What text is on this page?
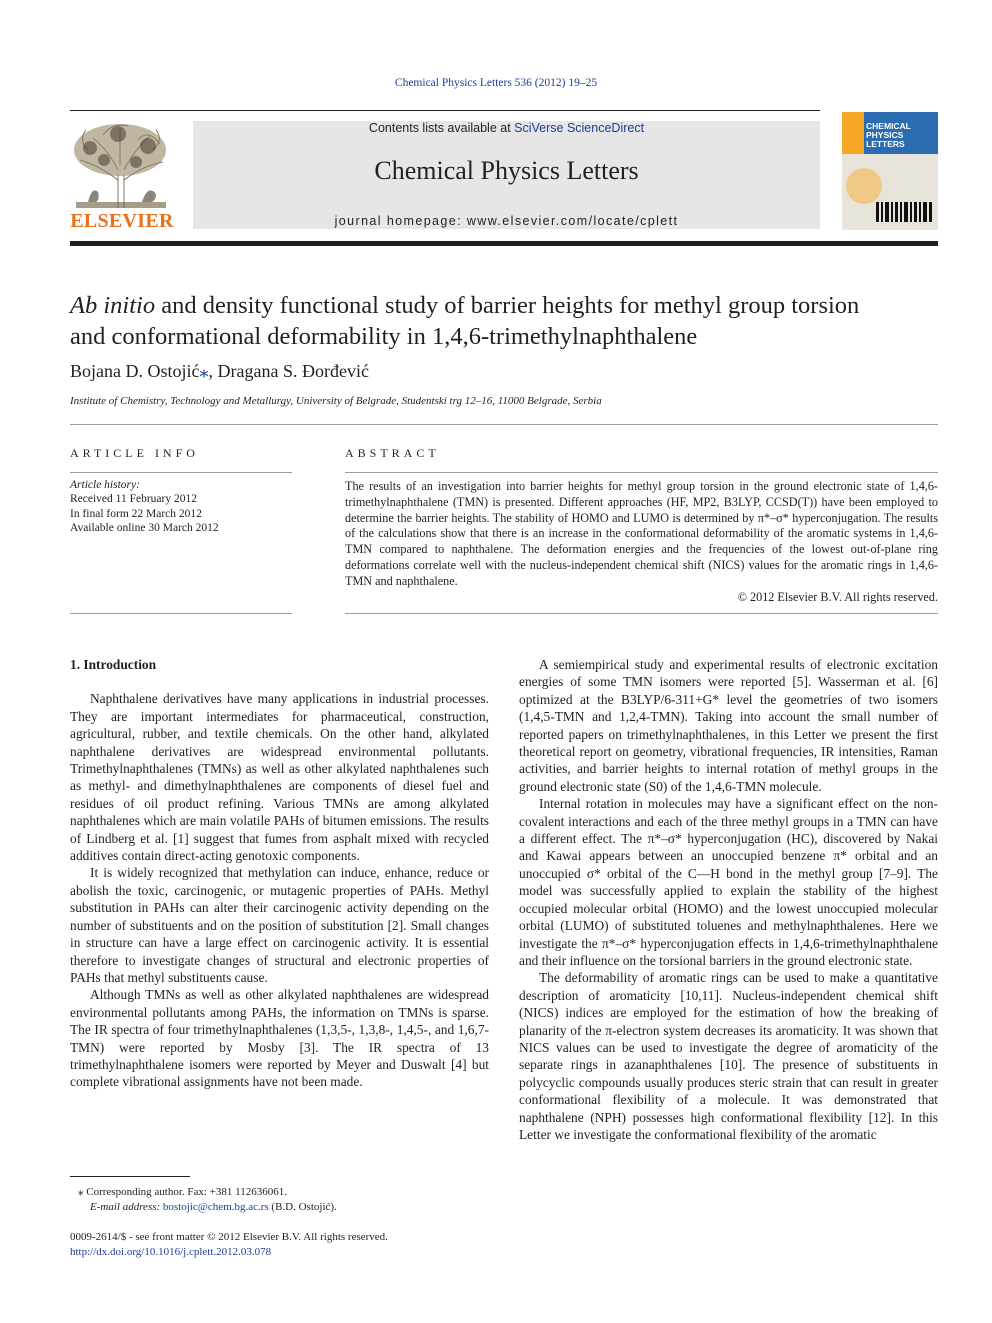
Chemical Physics Letters 536 (2012) 19–25
ELSEVIER
Contents lists available at SciVerse ScienceDirect
Chemical Physics Letters
journal homepage: www.elsevier.com/locate/cplett
CHEMICAL
PHYSICS
LETTERS
Ab initio and density functional study of barrier heights for methyl group torsion
and conformational deformability in 1,4,6-trimethylnaphthalene
Bojana D. Ostojić⁎, Dragana S. Đorđević
Institute of Chemistry, Technology and Metallurgy, University of Belgrade, Studentski trg 12–16, 11000 Belgrade, Serbia
ARTICLE INFO
Article history:
Received 11 February 2012
In final form 22 March 2012
Available online 30 March 2012
ABSTRACT
The results of an investigation into barrier heights for methyl group torsion in the ground electronic state of 1,4,6-trimethylnaphthalene (TMN) is presented. Different approaches (HF, MP2, B3LYP, CCSD(T)) have been employed to determine the barrier heights. The stability of HOMO and LUMO is determined by π*–σ* hyperconjugation. The results of the calculations show that there is an increase in the conformational deformability of the aromatic systems in 1,4,6-TMN compared to naphthalene. The deformation energies and the frequencies of the lowest out-of-plane ring deformations correlate well with the nucleus-independent chemical shift (NICS) values for the aromatic rings in 1,4,6-TMN and naphthalene.
© 2012 Elsevier B.V. All rights reserved.
1. Introduction

Naphthalene derivatives have many applications in industrial processes. They are important intermediates for pharmaceutical, construction, agricultural, rubber, and textile chemicals. On the other hand, alkylated naphthalene derivatives are widespread environmental pollutants. Trimethylnaphthalenes (TMNs) as well as other alkylated naphthalenes such as methyl- and dimethylnaphthalenes are components of diesel fuel and residues of oil product refining. Various TMNs are among alkylated naphthalenes which are main volatile PAHs of bitumen emissions. The results of Lindberg et al. [1] suggest that fumes from asphalt mixed with recycled additives contain direct-acting genotoxic components.

It is widely recognized that methylation can induce, enhance, reduce or abolish the toxic, carcinogenic, or mutagenic properties of PAHs. Methyl substitution in PAHs can alter their carcinogenic activity depending on the number of substituents and on the position of substitution [2]. Small changes in structure can have a large effect on carcinogenic activity. It is essential therefore to investigate changes of structural and electronic properties of PAHs that methyl substituents cause.

Although TMNs as well as other alkylated naphthalenes are widespread environmental pollutants among PAHs, the information on TMNs is sparse. The IR spectra of four trimethylnaphthalenes (1,3,5-, 1,3,8-, 1,4,5-, and 1,6,7-TMN) were reported by Mosby [3]. The IR spectra of 13 trimethylnaphthalene isomers were reported by Meyer and Duswalt [4] but complete vibrational assignments have not been made.

A semiempirical study and experimental results of electronic excitation energies of some TMN isomers were reported [5]. Wasserman et al. [6] optimized at the B3LYP/6-311+G* level the geometries of two isomers (1,4,5-TMN and 1,2,4-TMN). Taking into account the small number of reported papers on trimethylnaphthalenes, in this Letter we present the first theoretical report on geometry, vibrational frequencies, IR intensities, Raman activities, and barrier heights to internal rotation of methyl groups in the ground electronic state (S0) of the 1,4,6-TMN molecule.

Internal rotation in molecules may have a significant effect on the non-covalent interactions and each of the three methyl groups in a TMN can have a different effect. The π*–σ* hyperconjugation (HC), discovered by Nakai and Kawai appears between an unoccupied benzene π* orbital and an unoccupied σ* orbital of the C—H bond in the methyl group [7–9]. The model was successfully applied to explain the stability of the highest occupied molecular orbital (HOMO) and the lowest unoccupied molecular orbital (LUMO) of substituted toluenes and methylnaphthalenes. Here we investigate the π*–σ* hyperconjugation effects in 1,4,6-trimethylnaphthalene and their influence on the torsional barriers in the ground electronic state.

The deformability of aromatic rings can be used to make a quantitative description of aromaticity [10,11]. Nucleus-independent chemical shift (NICS) indices are employed for the estimation of how the breaking of planarity of the π-electron system decreases its aromaticity. It was shown that NICS values can be used to investigate the degree of aromaticity of the separate rings in azanaphthalenes [10]. The presence of substituents in polycyclic compounds usually produces steric strain that can result in greater conformational flexibility of a molecule. It was demonstrated that naphthalene (NPH) possesses high conformational flexibility [12]. In this Letter we investigate the conformational flexibility of the aromatic

⁎ Corresponding author. Fax: +381 112636061.
E-mail address: bostojic@chem.bg.ac.rs (B.D. Ostojić).
0009-2614/$ - see front matter © 2012 Elsevier B.V. All rights reserved.
http://dx.doi.org/10.1016/j.cplett.2012.03.078
